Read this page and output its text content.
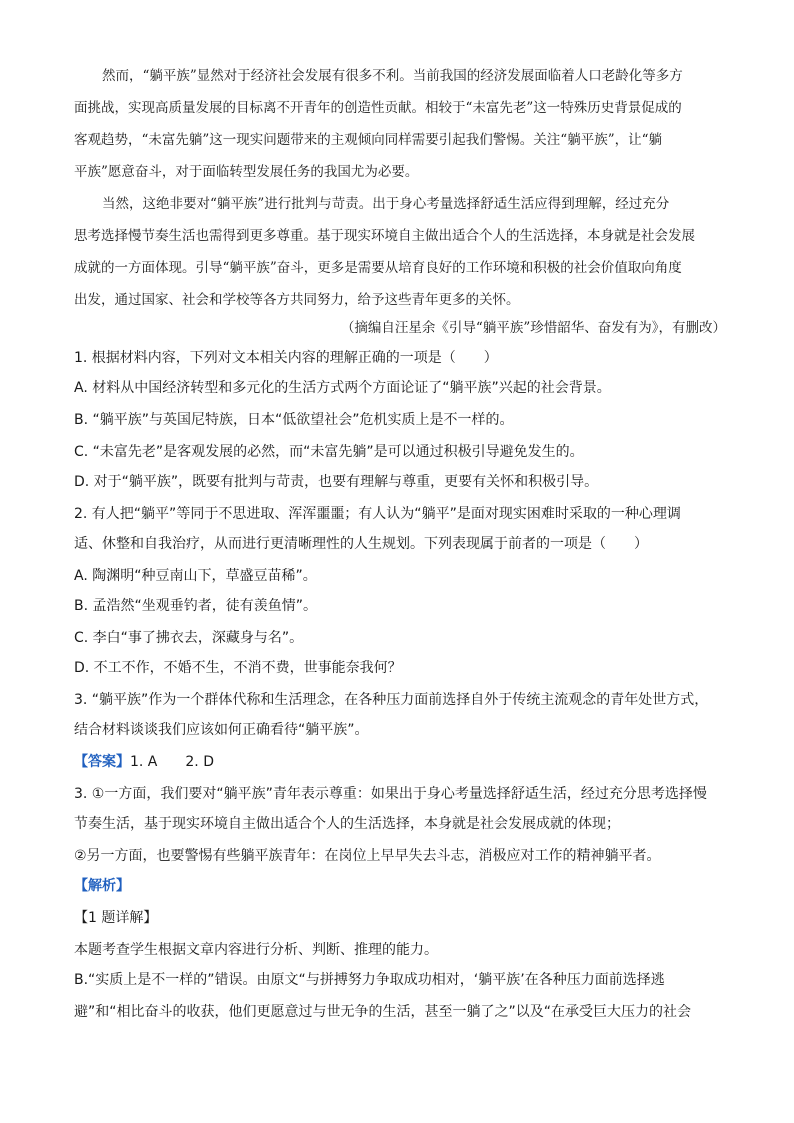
然而，“躺平族”显然对于经济社会发展有很多不利。当前我国的经济发展面临着人口老龄化等多方
面挑战，实现高质量发展的目标离不开青年的创造性贡献。相较于“未富先老”这一特殊历史背景促成的
客观趋势，“未富先躺”这一现实问题带来的主观倾向同样需要引起我们警惕。关注“躺平族”，让“躺
平族”愿意奋斗，对于面临转型发展任务的我国尤为必要。
当然，这绝非要对“躺平族”进行批判与苛责。出于身心考量选择舒适生活应得到理解，经过充分
思考选择慢节奏生活也需得到更多尊重。基于现实环境自主做出适合个人的生活选择，本身就是社会发展
成就的一方面体现。引导“躺平族”奋斗，更多是需要从培育良好的工作环境和积极的社会价值取向角度
出发，通过国家、社会和学校等各方共同努力，给予这些青年更多的关怀。
（摘编自汪星余《引导“躺平族”珍惜韶华、奋发有为》，有删改）
1. 根据材料内容，下列对文本相关内容的理解正确的一项是（　　）
A. 材料从中国经济转型和多元化的生活方式两个方面论证了“躺平族”兴起的社会背景。
B. “躺平族”与英国尼特族，日本“低欲望社会”危机实质上是不一样的。
C. “未富先老”是客观发展的必然，而“未富先躺”是可以通过积极引导避免发生的。
D. 对于“躺平族”，既要有批判与苛责，也要有理解与尊重，更要有关怀和积极引导。
2. 有人把“躺平”等同于不思进取、浑浑噩噩；有人认为“躺平”是面对现实困难时采取的一种心理调
适、休整和自我治疗，从而进行更清晰理性的人生规划。下列表现属于前者的一项是（　　）
A. 陶渊明“种豆南山下，草盛豆苗稀”。
B. 孟浩然“坐观垂钓者，徒有羡鱼情”。
C. 李白“事了拂衣去，深藏身与名”。
D. 不工不作，不婚不生，不消不费，世事能奈我何？
3. “躺平族”作为一个群体代称和生活理念，在各种压力面前选择自外于传统主流观念的青年处世方式，
结合材料谈谈我们应该如何正确看待“躺平族”。
【答案】1. A　　2. D
3. ①一方面，我们要对“躺平族”青年表示尊重：如果出于身心考量选择舒适生活，经过充分思考选择慢
节奏生活，基于现实环境自主做出适合个人的生活选择，本身就是社会发展成就的体现；
②另一方面，也要警惕有些躺平族青年：在岗位上早早失去斗志，消极应对工作的精神躺平者。
【解析】
【1 题详解】
本题考查学生根据文章内容进行分析、判断、推理的能力。
B.“实质上是不一样的”错误。由原文“与拼搏努力争取成功相对，‘躺平族’在各种压力面前选择逃
避”和“相比奋斗的收获，他们更愿意过与世无争的生活，甚至一躺了之”以及“在承受巨大压力的社会
